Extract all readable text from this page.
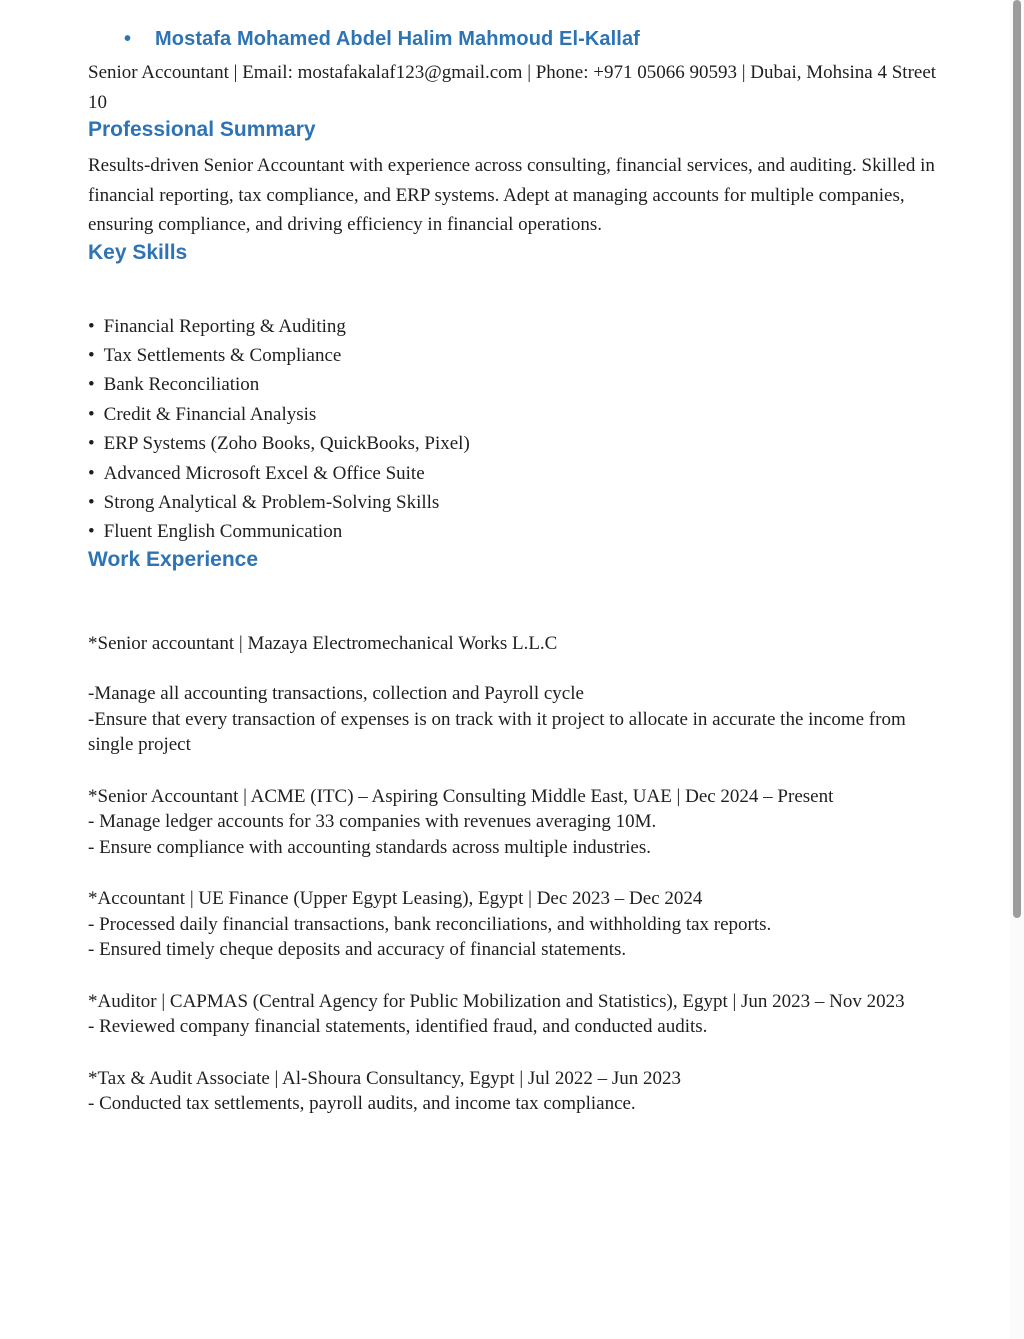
• Mostafa Mohamed Abdel Halim Mahmoud El-Kallaf

Senior Accountant | Email: mostafakalaf123@gmail.com | Phone: +971 05066 90593 | Dubai, Mohsina 4 Street 10

Professional Summary

Results-driven Senior Accountant with experience across consulting, financial services, and auditing. Skilled in financial reporting, tax compliance, and ERP systems. Adept at managing accounts for multiple companies, ensuring compliance, and driving efficiency in financial operations.

Key Skills
• Financial Reporting & Auditing
• Tax Settlements & Compliance
• Bank Reconciliation
• Credit & Financial Analysis
• ERP Systems (Zoho Books, QuickBooks, Pixel)
• Advanced Microsoft Excel & Office Suite
• Strong Analytical & Problem-Solving Skills
• Fluent English Communication
Work Experience

*Senior accountant | Mazaya Electromechanical Works L.L.C

-Manage all accounting transactions, collection and Payroll cycle

-Ensure that every transaction of expenses is on track with it project to allocate in accurate the income from single project

*Senior Accountant | ACME (ITC) – Aspiring Consulting Middle East, UAE | Dec 2024 – Present

- Manage ledger accounts for 33 companies with revenues averaging 10M.

- Ensure compliance with accounting standards across multiple industries.

*Accountant | UE Finance (Upper Egypt Leasing), Egypt | Dec 2023 – Dec 2024

- Processed daily financial transactions, bank reconciliations, and withholding tax reports.

- Ensured timely cheque deposits and accuracy of financial statements.

*Auditor | CAPMAS (Central Agency for Public Mobilization and Statistics), Egypt | Jun 2023 – Nov 2023

- Reviewed company financial statements, identified fraud, and conducted audits.

*Tax & Audit Associate | Al-Shoura Consultancy, Egypt | Jul 2022 – Jun 2023

- Conducted tax settlements, payroll audits, and income tax compliance.
